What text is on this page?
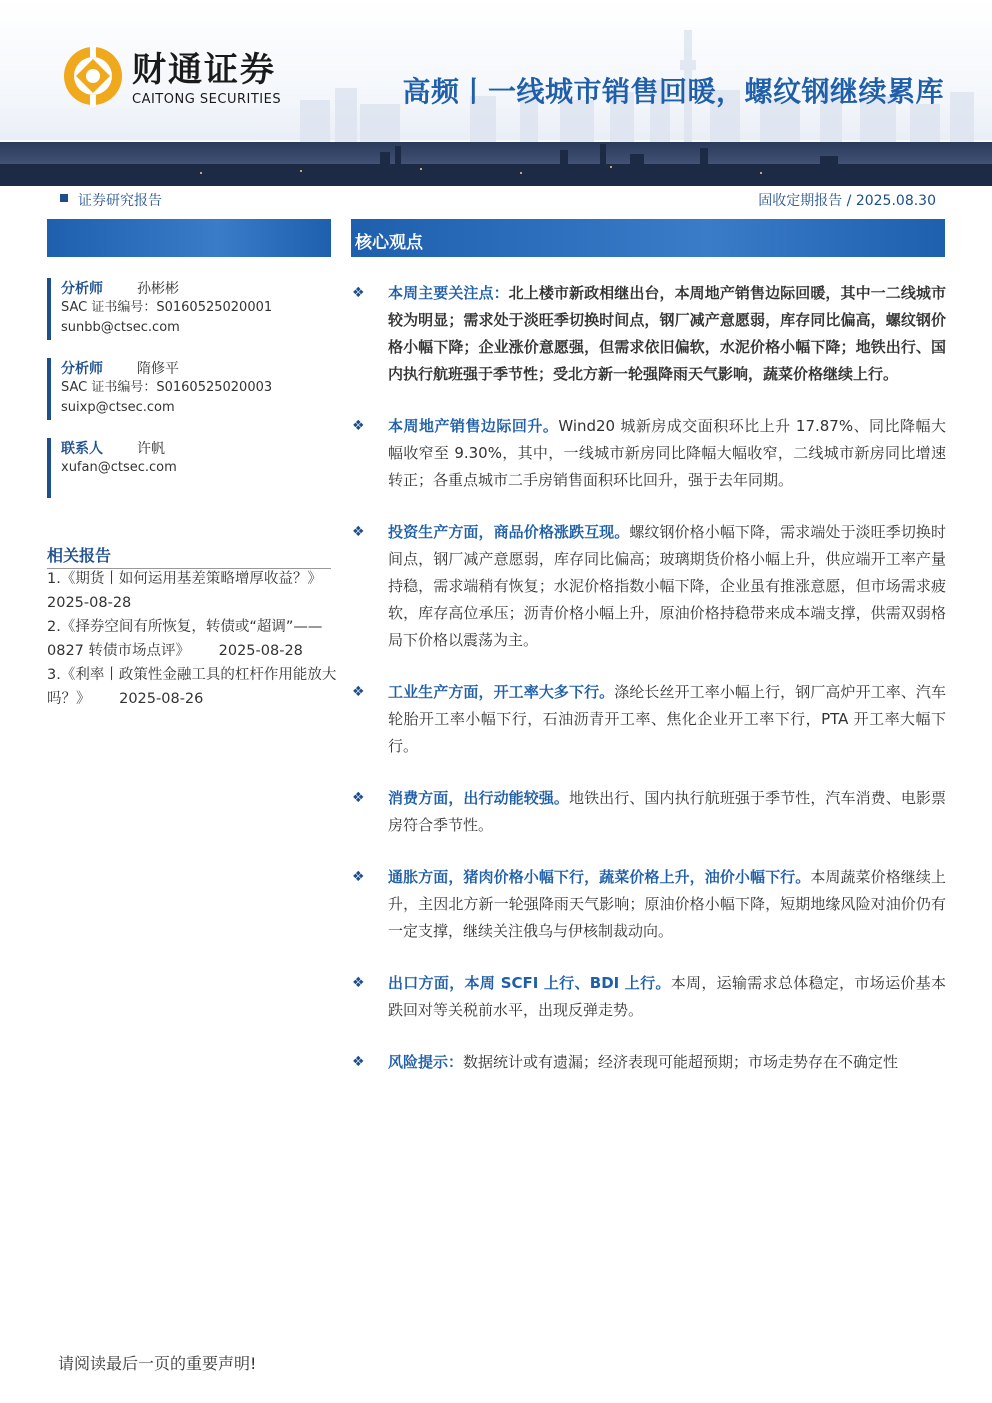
财通证券
CAITONG SECURITIES	高频丨一线城市销售回暖，螺纹钢继续累库
证券研究报告	固收定期报告 / 2025.08.30
核心观点
分析师 孙彬彬
SAC 证书编号：S0160525020001
sunbb@ctsec.com
分析师 隋修平
SAC 证书编号：S0160525020003
suixp@ctsec.com
联系人 许帆
xufan@ctsec.com
相关报告
1.《期货丨如何运用基差策略增厚收益？》
2025-08-28
2.《择券空间有所恢复，转债或“超调”——0827 转债市场点评》 2025-08-28
3.《利率丨政策性金融工具的杠杆作用能放大吗？》 2025-08-26
❖ 本周主要关注点：北上楼市新政相继出台，本周地产销售边际回暖，其中一二线城市较为明显；需求处于淡旺季切换时间点，钢厂减产意愿弱，库存同比偏高，螺纹钢价格小幅下降；企业涨价意愿强，但需求依旧偏软，水泥价格小幅下降；地铁出行、国内执行航班强于季节性；受北方新一轮强降雨天气影响，蔬菜价格继续上行。
❖ 本周地产销售边际回升。Wind20 城新房成交面积环比上升 17.87%、同比降幅大幅收窄至 9.30%，其中，一线城市新房同比降幅大幅收窄，二线城市新房同比增速转正；各重点城市二手房销售面积环比回升，强于去年同期。
❖ 投资生产方面，商品价格涨跌互现。螺纹钢价格小幅下降，需求端处于淡旺季切换时间点，钢厂减产意愿弱，库存同比偏高；玻璃期货价格小幅上升，供应端开工率产量持稳，需求端稍有恢复；水泥价格指数小幅下降，企业虽有推涨意愿，但市场需求疲软，库存高位承压；沥青价格小幅上升，原油价格持稳带来成本端支撑，供需双弱格局下价格以震荡为主。
❖ 工业生产方面，开工率大多下行。涤纶长丝开工率小幅上行，钢厂高炉开工率、汽车轮胎开工率小幅下行，石油沥青开工率、焦化企业开工率下行，PTA 开工率大幅下行。
❖ 消费方面，出行动能较强。地铁出行、国内执行航班强于季节性，汽车消费、电影票房符合季节性。
❖ 通胀方面，猪肉价格小幅下行，蔬菜价格上升，油价小幅下行。本周蔬菜价格继续上升，主因北方新一轮强降雨天气影响；原油价格小幅下降，短期地缘风险对油价仍有一定支撑，继续关注俄乌与伊核制裁动向。
❖ 出口方面，本周 SCFI 上行、BDI 上行。本周，运输需求总体稳定，市场运价基本跌回对等关税前水平，出现反弹走势。
❖ 风险提示：数据统计或有遗漏；经济表现可能超预期；市场走势存在不确定性
请阅读最后一页的重要声明!
